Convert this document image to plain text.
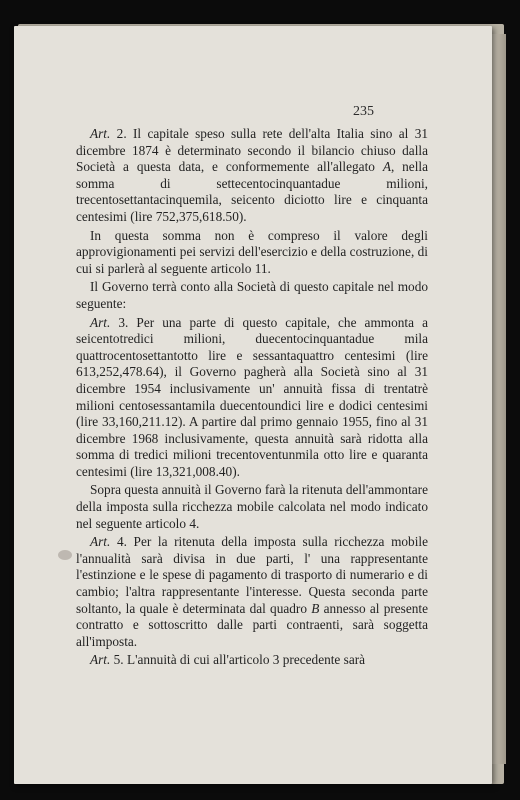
235

Art. 2. Il capitale speso sulla rete dell'alta Italia sino al 31 dicembre 1874 è determinato secondo il bilancio chiuso dalla Società a questa data, e conformemente all'allegato A, nella somma di settecentocinquantadue milioni, trecentosettantacinquemila, seicento diciotto lire e cinquanta centesimi (lire 752,375,618.50).

In questa somma non è compreso il valore degli approvigionamenti pei servizi dell'esercizio e della costruzione, di cui si parlerà al seguente articolo 11.

Il Governo terrà conto alla Società di questo capitale nel modo seguente:

Art. 3. Per una parte di questo capitale, che ammonta a seicentotredici milioni, duecentocinquantadue mila quattrocentosettantotto lire e sessantaquattro centesimi (lire 613,252,478.64), il Governo pagherà alla Società sino al 31 dicembre 1954 inclusivamente un' annuità fissa di trentatrè milioni centosessantamila duecentoundici lire e dodici centesimi (lire 33,160,211.12). A partire dal primo gennaio 1955, fino al 31 dicembre 1968 inclusivamente, questa annuità sarà ridotta alla somma di tredici milioni trecentoventunmila otto lire e quaranta centesimi (lire 13,321,008.40).

Sopra questa annuità il Governo farà la ritenuta dell'ammontare della imposta sulla ricchezza mobile calcolata nel modo indicato nel seguente articolo 4.

Art. 4. Per la ritenuta della imposta sulla ricchezza mobile l'annualità sarà divisa in due parti, l' una rappresentante l'estinzione e le spese di pagamento di trasporto di numerario e di cambio; l'altra rappresentante l'interesse. Questa seconda parte soltanto, la quale è determinata dal quadro B annesso al presente contratto e sottoscritto dalle parti contraenti, sarà soggetta all'imposta.

Art. 5. L'annuità di cui all'articolo 3 precedente sarà
